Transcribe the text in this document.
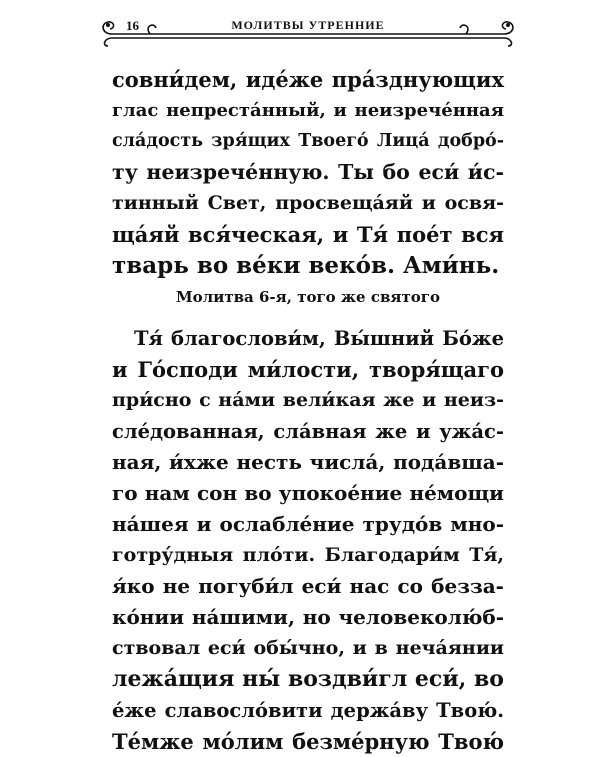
16	МОЛИТВЫ УТРЕННИЕ
совни́дем, иде́же пра́зднующих
глас непреста́нный, и неизрече́нная
сла́дость зря́щих Твоего́ Лица́ добро́-
ту неизрече́нную. Ты бо еси́ и́с-
тинный Свет, просвеща́яй и освя-
ща́яй вся́ческая, и Тя́ пое́т вся
тварь во ве́ки веко́в. Ами́нь.
Молитва 6-я, того же святого
Тя́ благослови́м, Вы́шний Бо́же
и Го́споди ми́лости, творя́щаго
при́сно с на́ми вели́кая же и неиз-
сле́дованная, сла́вная же и ужа́с-
ная, и́хже несть числа́, пода́вша-
го нам сон во упокое́ние не́мощи
на́шея и ослабле́ние трудо́в мно-
готру́дныя пло́ти. Благодари́м Тя́,
я́ко не погуби́л еси́ нас со безза-
ко́нии на́шими, но человеколю́б-
ствовал еси́ обы́чно, и в неча́янии
лежа́щия ны́ воздви́гл еси́, во
е́же славосло́вити держа́ву Твою́.
Те́мже мо́лим безме́рную Твою́
